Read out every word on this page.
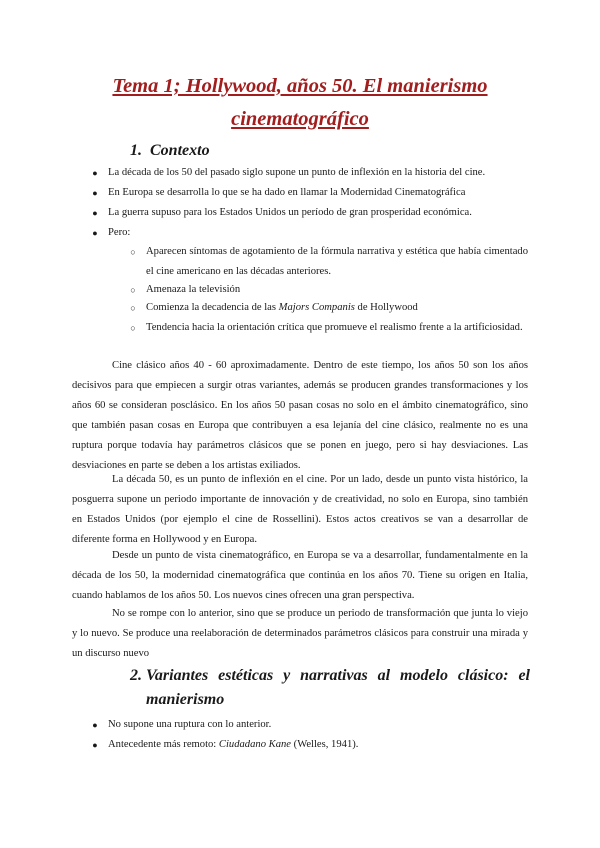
Tema 1; Hollywood, años 50. El manierismo cinematográfico
1. Contexto
● La década de los 50 del pasado siglo supone un punto de inflexión en la historia del cine.
● En Europa se desarrolla lo que se ha dado en llamar la Modernidad Cinematográfica
● La guerra supuso para los Estados Unidos un período de gran prosperidad económica.
● Pero:
○ Aparecen síntomas de agotamiento de la fórmula narrativa y estética que había cimentado el cine americano en las décadas anteriores.
○ Amenaza la televisión
○ Comienza la decadencia de las Majors Companis de Hollywood
○ Tendencia hacia la orientación crítica que promueve el realismo frente a la artificiosidad.
Cine clásico años 40 - 60 aproximadamente. Dentro de este tiempo, los años 50 son los años decisivos para que empiecen a surgir otras variantes, además se producen grandes transformaciones y los años 60 se consideran posclásico. En los años 50 pasan cosas no solo en el ámbito cinematográfico, sino que también pasan cosas en Europa que contribuyen a esa lejanía del cine clásico, realmente no es una ruptura porque todavía hay parámetros clásicos que se ponen en juego, pero si hay desviaciones. Las desviaciones en parte se deben a los artistas exiliados.
La década 50, es un punto de inflexión en el cine. Por un lado, desde un punto vista histórico, la posguerra supone un periodo importante de innovación y de creatividad, no solo en Europa, sino también en Estados Unidos (por ejemplo el cine de Rossellini). Estos actos creativos se van a desarrollar de diferente forma en Hollywood y en Europa.
Desde un punto de vista cinematográfico, en Europa se va a desarrollar, fundamentalmente en la década de los 50, la modernidad cinematográfica que continúa en los años 70. Tiene su origen en Italia, cuando hablamos de los años 50. Los nuevos cines ofrecen una gran perspectiva.
No se rompe con lo anterior, sino que se produce un periodo de transformación que junta lo viejo y lo nuevo. Se produce una reelaboración de determinados parámetros clásicos para construir una mirada y un discurso nuevo
2. Variantes estéticas y narrativas al modelo clásico: el manierismo
● No supone una ruptura con lo anterior.
● Antecedente más remoto: Ciudadano Kane (Welles, 1941).
